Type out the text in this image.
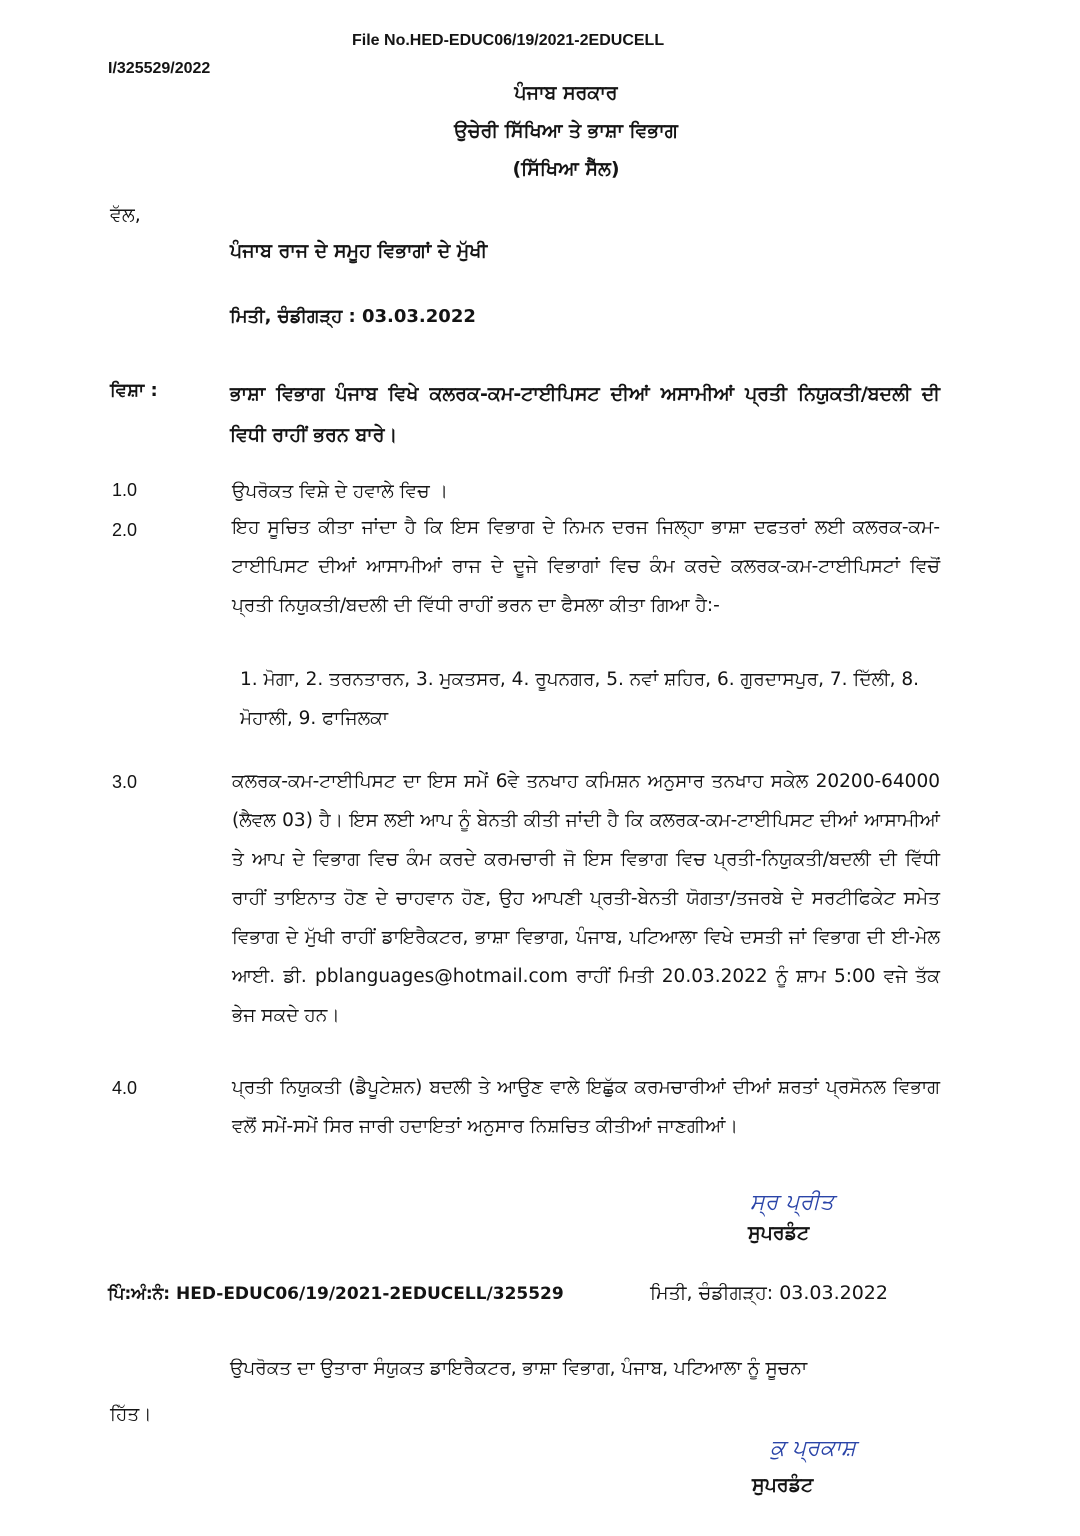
File No.HED-EDUC06/19/2021-2EDUCELL
I/325529/2022
ਪੰਜਾਬ ਸਰਕਾਰ
ਉਚੇਰੀ ਸਿੱਖਿਆ ਤੇ ਭਾਸ਼ਾ ਵਿਭਾਗ
(ਸਿੱਖਿਆ ਸੈੱਲ)
ਵੱਲ,
ਪੰਜਾਬ ਰਾਜ ਦੇ ਸਮੂਹ ਵਿਭਾਗਾਂ ਦੇ ਮੁੱਖੀ
ਮਿਤੀ, ਚੰਡੀਗੜ੍ਹ : 03.03.2022
ਵਿਸ਼ਾ :	ਭਾਸ਼ਾ ਵਿਭਾਗ ਪੰਜਾਬ ਵਿਖੇ ਕਲਰਕ-ਕਮ-ਟਾਈਪਿਸਟ ਦੀਆਂ ਅਸਾਮੀਆਂ ਪ੍ਰਤੀ ਨਿਯੁਕਤੀ/ਬਦਲੀ ਦੀ ਵਿਧੀ ਰਾਹੀਂ ਭਰਨ ਬਾਰੇ।
1.0	ਉਪਰੋਕਤ ਵਿਸ਼ੇ ਦੇ ਹਵਾਲੇ ਵਿਚ ।
2.0	ਇਹ ਸੂਚਿਤ ਕੀਤਾ ਜਾਂਦਾ ਹੈ ਕਿ ਇਸ ਵਿਭਾਗ ਦੇ ਨਿਮਨ ਦਰਜ ਜਿਲ੍ਹਾ ਭਾਸ਼ਾ ਦਫਤਰਾਂ ਲਈ ਕਲਰਕ-ਕਮ-ਟਾਈਪਿਸਟ ਦੀਆਂ ਆਸਾਮੀਆਂ ਰਾਜ ਦੇ ਦੂਜੇ ਵਿਭਾਗਾਂ ਵਿਚ ਕੰਮ ਕਰਦੇ ਕਲਰਕ-ਕਮ-ਟਾਈਪਿਸਟਾਂ ਵਿਚੋਂ ਪ੍ਰਤੀ ਨਿਯੁਕਤੀ/ਬਦਲੀ ਦੀ ਵਿੱਧੀ ਰਾਹੀਂ ਭਰਨ ਦਾ ਫੈਸਲਾ ਕੀਤਾ ਗਿਆ ਹੈ:-
1. ਮੋਗਾ, 2. ਤਰਨਤਾਰਨ, 3. ਮੁਕਤਸਰ, 4. ਰੂਪਨਗਰ, 5. ਨਵਾਂ ਸ਼ਹਿਰ, 6. ਗੁਰਦਾਸਪੁਰ, 7. ਦਿੱਲੀ, 8. ਮੋਹਾਲੀ, 9. ਫਾਜਿਲਕਾ
3.0	ਕਲਰਕ-ਕਮ-ਟਾਈਪਿਸਟ ਦਾ ਇਸ ਸਮੇਂ 6ਵੇ ਤਨਖਾਹ ਕਮਿਸ਼ਨ ਅਨੁਸਾਰ ਤਨਖਾਹ ਸਕੇਲ 20200-64000 (ਲੈਵਲ 03) ਹੈ। ਇਸ ਲਈ ਆਪ ਨੂੰ ਬੇਨਤੀ ਕੀਤੀ ਜਾਂਦੀ ਹੈ ਕਿ ਕਲਰਕ-ਕਮ-ਟਾਈਪਿਸਟ ਦੀਆਂ ਆਸਾਮੀਆਂ ਤੇ ਆਪ ਦੇ ਵਿਭਾਗ ਵਿਚ ਕੰਮ ਕਰਦੇ ਕਰਮਚਾਰੀ ਜੋ ਇਸ ਵਿਭਾਗ ਵਿਚ ਪ੍ਰਤੀ-ਨਿਯੁਕਤੀ/ਬਦਲੀ ਦੀ ਵਿੱਧੀ ਰਾਹੀਂ ਤਾਇਨਾਤ ਹੋਣ ਦੇ ਚਾਹਵਾਨ ਹੋਣ, ਉਹ ਆਪਣੀ ਪ੍ਰਤੀ-ਬੇਨਤੀ ਯੋਗਤਾ/ਤਜਰਬੇ ਦੇ ਸਰਟੀਫਿਕੇਟ ਸਮੇਤ ਵਿਭਾਗ ਦੇ ਮੁੱਖੀ ਰਾਹੀਂ ਡਾਇਰੈਕਟਰ, ਭਾਸ਼ਾ ਵਿਭਾਗ, ਪੰਜਾਬ, ਪਟਿਆਲਾ ਵਿਖੇ ਦਸਤੀ ਜਾਂ ਵਿਭਾਗ ਦੀ ਈ-ਮੇਲ ਆਈ. ਡੀ. pblanguages@hotmail.com ਰਾਹੀਂ ਮਿਤੀ 20.03.2022 ਨੂੰ ਸ਼ਾਮ 5:00 ਵਜੇ ਤੱਕ ਭੇਜ ਸਕਦੇ ਹਨ।
4.0	ਪ੍ਰਤੀ ਨਿਯੁਕਤੀ (ਡੈਪੂਟੇਸ਼ਨ) ਬਦਲੀ ਤੇ ਆਉਣ ਵਾਲੇ ਇਛੁੱਕ ਕਰਮਚਾਰੀਆਂ ਦੀਆਂ ਸ਼ਰਤਾਂ ਪ੍ਰਸੋਨਲ ਵਿਭਾਗ ਵਲੋਂ ਸਮੇਂ-ਸਮੇਂ ਸਿਰ ਜਾਰੀ ਹਦਾਇਤਾਂ ਅਨੁਸਾਰ ਨਿਸ਼ਚਿਤ ਕੀਤੀਆਂ ਜਾਣਗੀਆਂ।
ਸ੍ਰ ਪ੍ਰੀਤ
ਸੁਪਰਡੰਟ
ਪਿੰ:ਅੰ:ਨੰ: HED-EDUC06/19/2021-2EDUCELL/325529	ਮਿਤੀ, ਚੰਡੀਗੜ੍ਹ: 03.03.2022
ਉਪਰੋਕਤ ਦਾ ਉਤਾਰਾ ਸੰਯੁਕਤ ਡਾਇਰੈਕਟਰ, ਭਾਸ਼ਾ ਵਿਭਾਗ, ਪੰਜਾਬ, ਪਟਿਆਲਾ ਨੂੰ ਸੂਚਨਾ
ਹਿੱਤ।
ਕੁ ਪ੍ਰਕਾਸ਼
ਸੁਪਰਡੰਟ
